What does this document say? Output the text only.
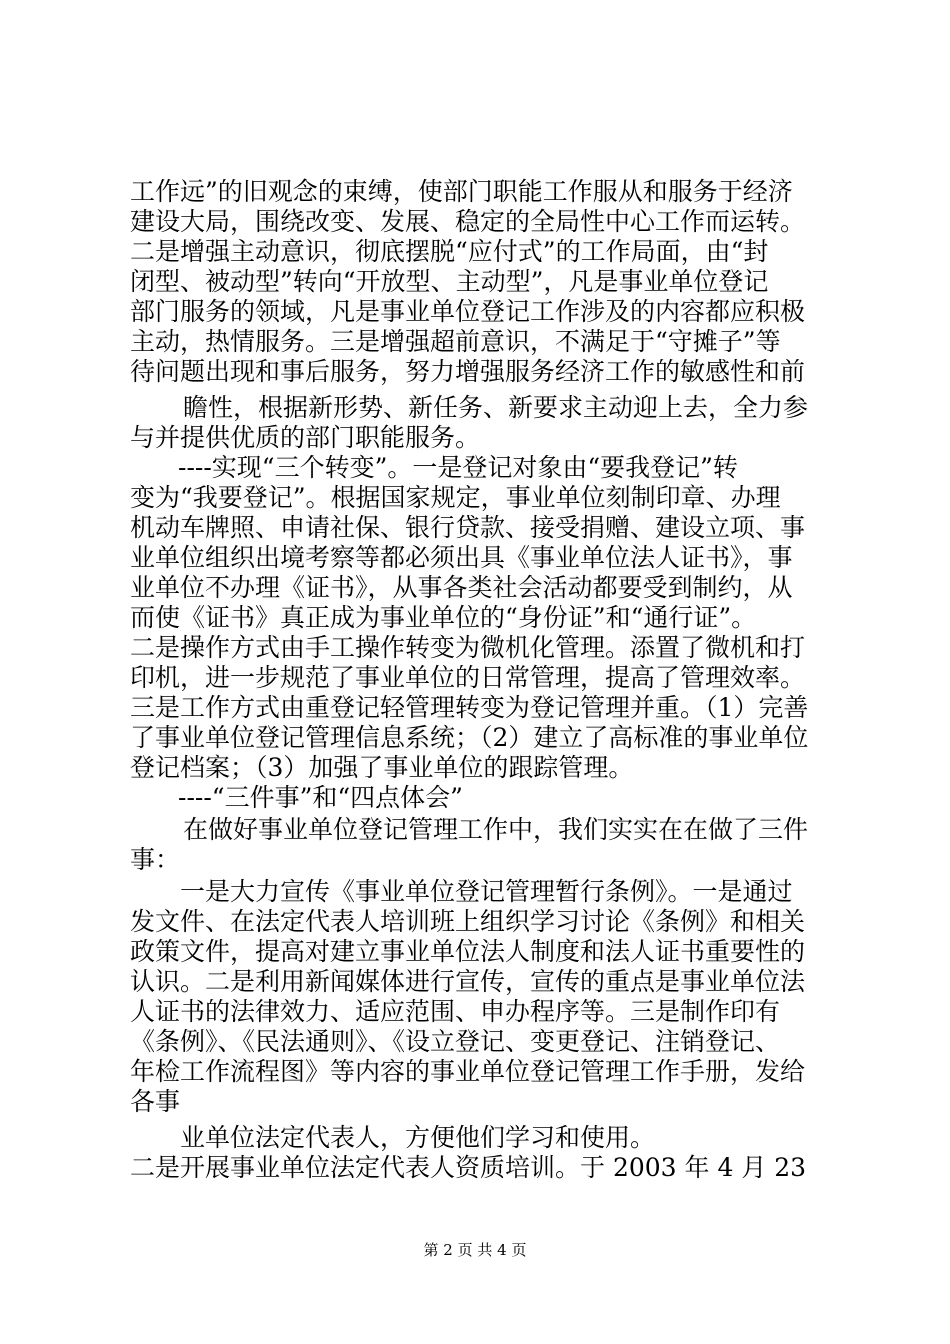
工作远”的旧观念的束缚，使部门职能工作服从和服务于经济
建设大局，围绕改变、发展、稳定的全局性中心工作而运转。
二是增强主动意识，彻底摆脱“应付式”的工作局面，由“封
闭型、被动型”转向“开放型、主动型”，凡是事业单位登记
部门服务的领域，凡是事业单位登记工作涉及的内容都应积极
主动，热情服务。三是增强超前意识，不满足于“守摊子”等
待问题出现和事后服务，努力增强服务经济工作的敏感性和前
瞻性，根据新形势、新任务、新要求主动迎上去，全力参
与并提供优质的部门职能服务。
----实现“三个转变”。一是登记对象由“要我登记”转
变为“我要登记”。根据国家规定，事业单位刻制印章、办理
机动车牌照、申请社保、银行贷款、接受捐赠、建设立项、事
业单位组织出境考察等都必须出具《事业单位法人证书》，事
业单位不办理《证书》，从事各类社会活动都要受到制约，从
而使《证书》真正成为事业单位的“身份证”和“通行证”。
二是操作方式由手工操作转变为微机化管理。添置了微机和打
印机，进一步规范了事业单位的日常管理，提高了管理效率。
三是工作方式由重登记轻管理转变为登记管理并重。（1）完善
了事业单位登记管理信息系统；（2）建立了高标准的事业单位
登记档案；（3）加强了事业单位的跟踪管理。
----“三件事”和“四点体会”
在做好事业单位登记管理工作中，我们实实在在做了三件
事：
一是大力宣传《事业单位登记管理暂行条例》。一是通过
发文件、在法定代表人培训班上组织学习讨论《条例》和相关
政策文件，提高对建立事业单位法人制度和法人证书重要性的
认识。二是利用新闻媒体进行宣传，宣传的重点是事业单位法
人证书的法律效力、适应范围、申办程序等。三是制作印有
《条例》、《民法通则》、《设立登记、变更登记、注销登记、
年检工作流程图》等内容的事业单位登记管理工作手册，发给
各事
业单位法定代表人，方便他们学习和使用。
二是开展事业单位法定代表人资质培训。于 2003 年 4 月 23
第 2 页 共 4 页
